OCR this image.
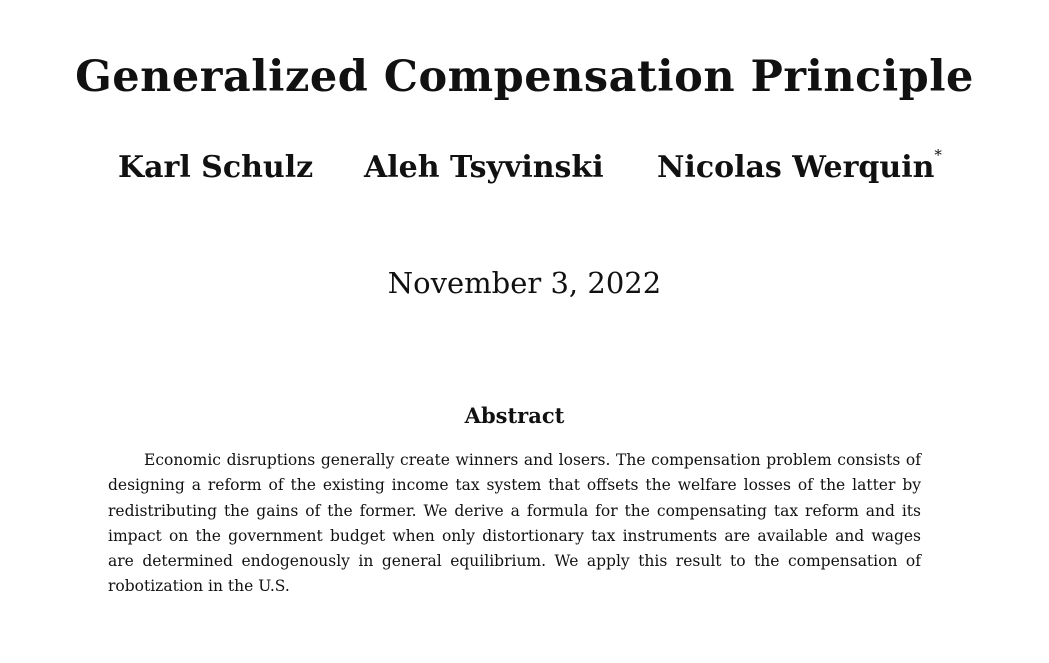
Generalized Compensation Principle
Karl Schulz Aleh Tsyvinski Nicolas Werquin*
November 3, 2022
Abstract
Economic disruptions generally create winners and losers. The compensation problem consists of
designing a reform of the existing income tax system that offsets the welfare losses of the latter by
redistributing the gains of the former. We derive a formula for the compensating tax reform and its
impact on the government budget when only distortionary tax instruments are available and wages
are determined endogenously in general equilibrium. We apply this result to the compensation of
robotization in the U.S.
